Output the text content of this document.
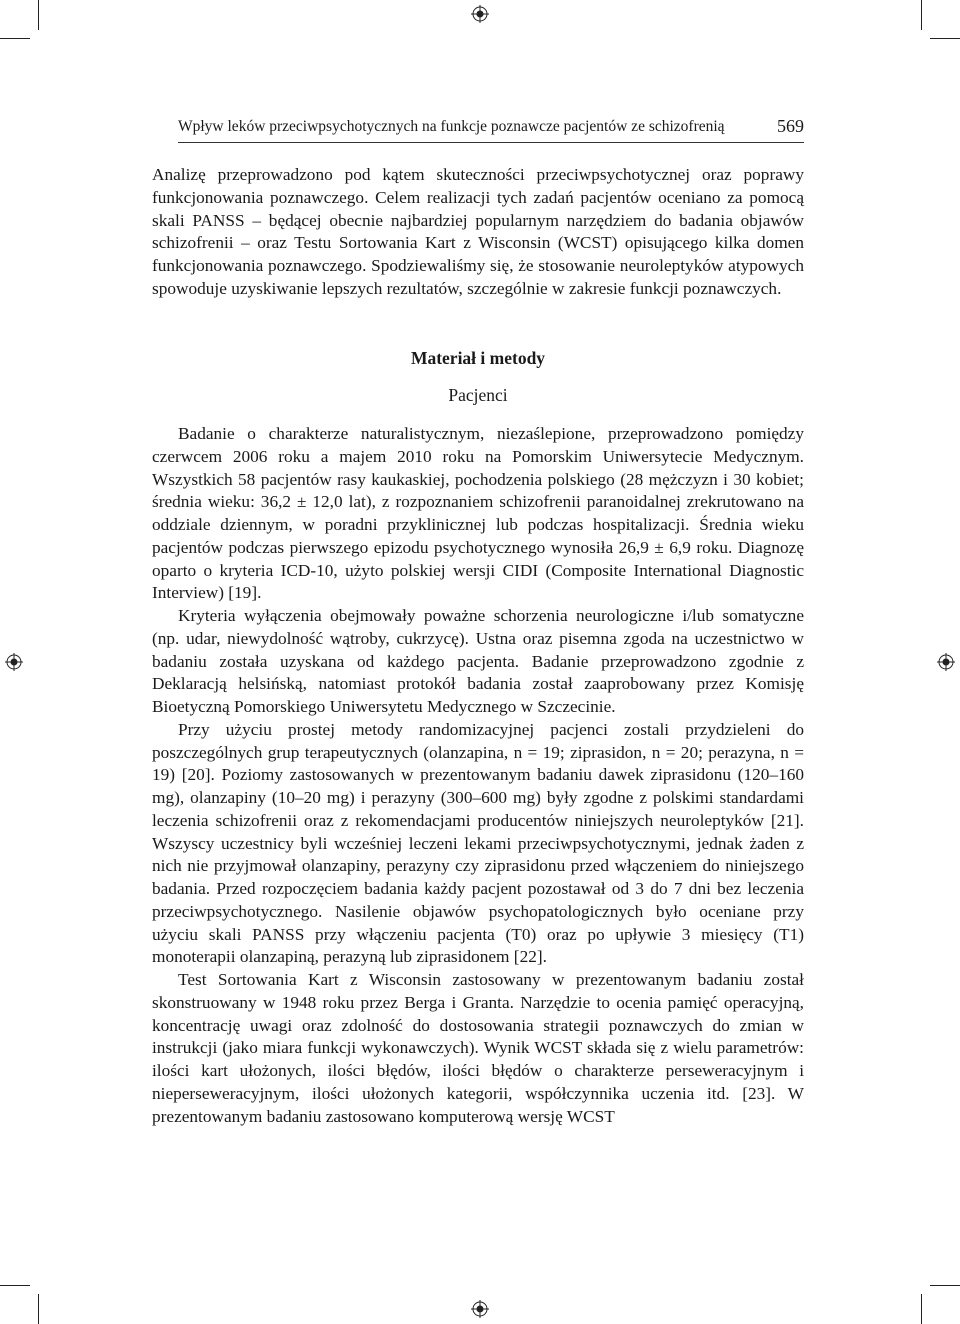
Wpływ leków przeciwpsychotycznych na funkcje poznawcze pacjentów ze schizofrenią	569

Analizę przeprowadzono pod kątem skuteczności przeciwpsychotycznej oraz poprawy funkcjonowania poznawczego. Celem realizacji tych zadań pacjentów oceniano za pomocą skali PANSS – będącej obecnie najbardziej popularnym narzędziem do badania objawów schizofrenii – oraz Testu Sortowania Kart z Wisconsin (WCST) opisującego kilka domen funkcjonowania poznawczego. Spodziewaliśmy się, że stosowanie neuroleptyków atypowych spowoduje uzyskiwanie lepszych rezultatów, szczególnie w zakresie funkcji poznawczych.

Materiał i metody
Pacjenci

Badanie o charakterze naturalistycznym, niezaślepione, przeprowadzono pomiędzy czerwcem 2006 roku a majem 2010 roku na Pomorskim Uniwersytecie Medycznym. Wszystkich 58 pacjentów rasy kaukaskiej, pochodzenia polskiego (28 mężczyzn i 30 kobiet; średnia wieku: 36,2 ± 12,0 lat), z rozpoznaniem schizofrenii paranoidalnej zrekrutowano na oddziale dziennym, w poradni przyklinicznej lub podczas hospitalizacji. Średnia wieku pacjentów podczas pierwszego epizodu psychotycznego wynosiła 26,9 ± 6,9 roku. Diagnozę oparto o kryteria ICD-10, użyto polskiej wersji CIDI (Composite International Diagnostic Interview) [19].

Kryteria wyłączenia obejmowały poważne schorzenia neurologiczne i/lub somatyczne (np. udar, niewydolność wątroby, cukrzycę). Ustna oraz pisemna zgoda na uczestnictwo w badaniu została uzyskana od każdego pacjenta. Badanie przeprowadzono zgodnie z Deklaracją helsińską, natomiast protokół badania został zaaprobowany przez Komisję Bioetyczną Pomorskiego Uniwersytetu Medycznego w Szczecinie.

Przy użyciu prostej metody randomizacyjnej pacjenci zostali przydzieleni do poszczególnych grup terapeutycznych (olanzapina, n = 19; ziprasidon, n = 20; perazyna, n = 19) [20]. Poziomy zastosowanych w prezentowanym badaniu dawek ziprasidonu (120–160 mg), olanzapiny (10–20 mg) i perazyny (300–600 mg) były zgodne z polskimi standardami leczenia schizofrenii oraz z rekomendacjami producentów niniejszych neuroleptyków [21]. Wszyscy uczestnicy byli wcześniej leczeni lekami przeciwpsychotycznymi, jednak żaden z nich nie przyjmował olanzapiny, perazyny czy ziprasidonu przed włączeniem do niniejszego badania. Przed rozpoczęciem badania każdy pacjent pozostawał od 3 do 7 dni bez leczenia przeciwpsychotycznego. Nasilenie objawów psychopatologicznych było oceniane przy użyciu skali PANSS przy włączeniu pacjenta (T0) oraz po upływie 3 miesięcy (T1) monoterapii olanzapiną, perazyną lub ziprasidonem [22].

Test Sortowania Kart z Wisconsin zastosowany w prezentowanym badaniu został skonstruowany w 1948 roku przez Berga i Granta. Narzędzie to ocenia pamięć operacyjną, koncentrację uwagi oraz zdolność do dostosowania strategii poznawczych do zmian w instrukcji (jako miara funkcji wykonawczych). Wynik WCST składa się z wielu parametrów: ilości kart ułożonych, ilości błędów, ilości błędów o charakterze perseweracyjnym i nieperseweracyjnym, ilości ułożonych kategorii, współczynnika uczenia itd. [23]. W prezentowanym badaniu zastosowano komputerową wersję WCST
